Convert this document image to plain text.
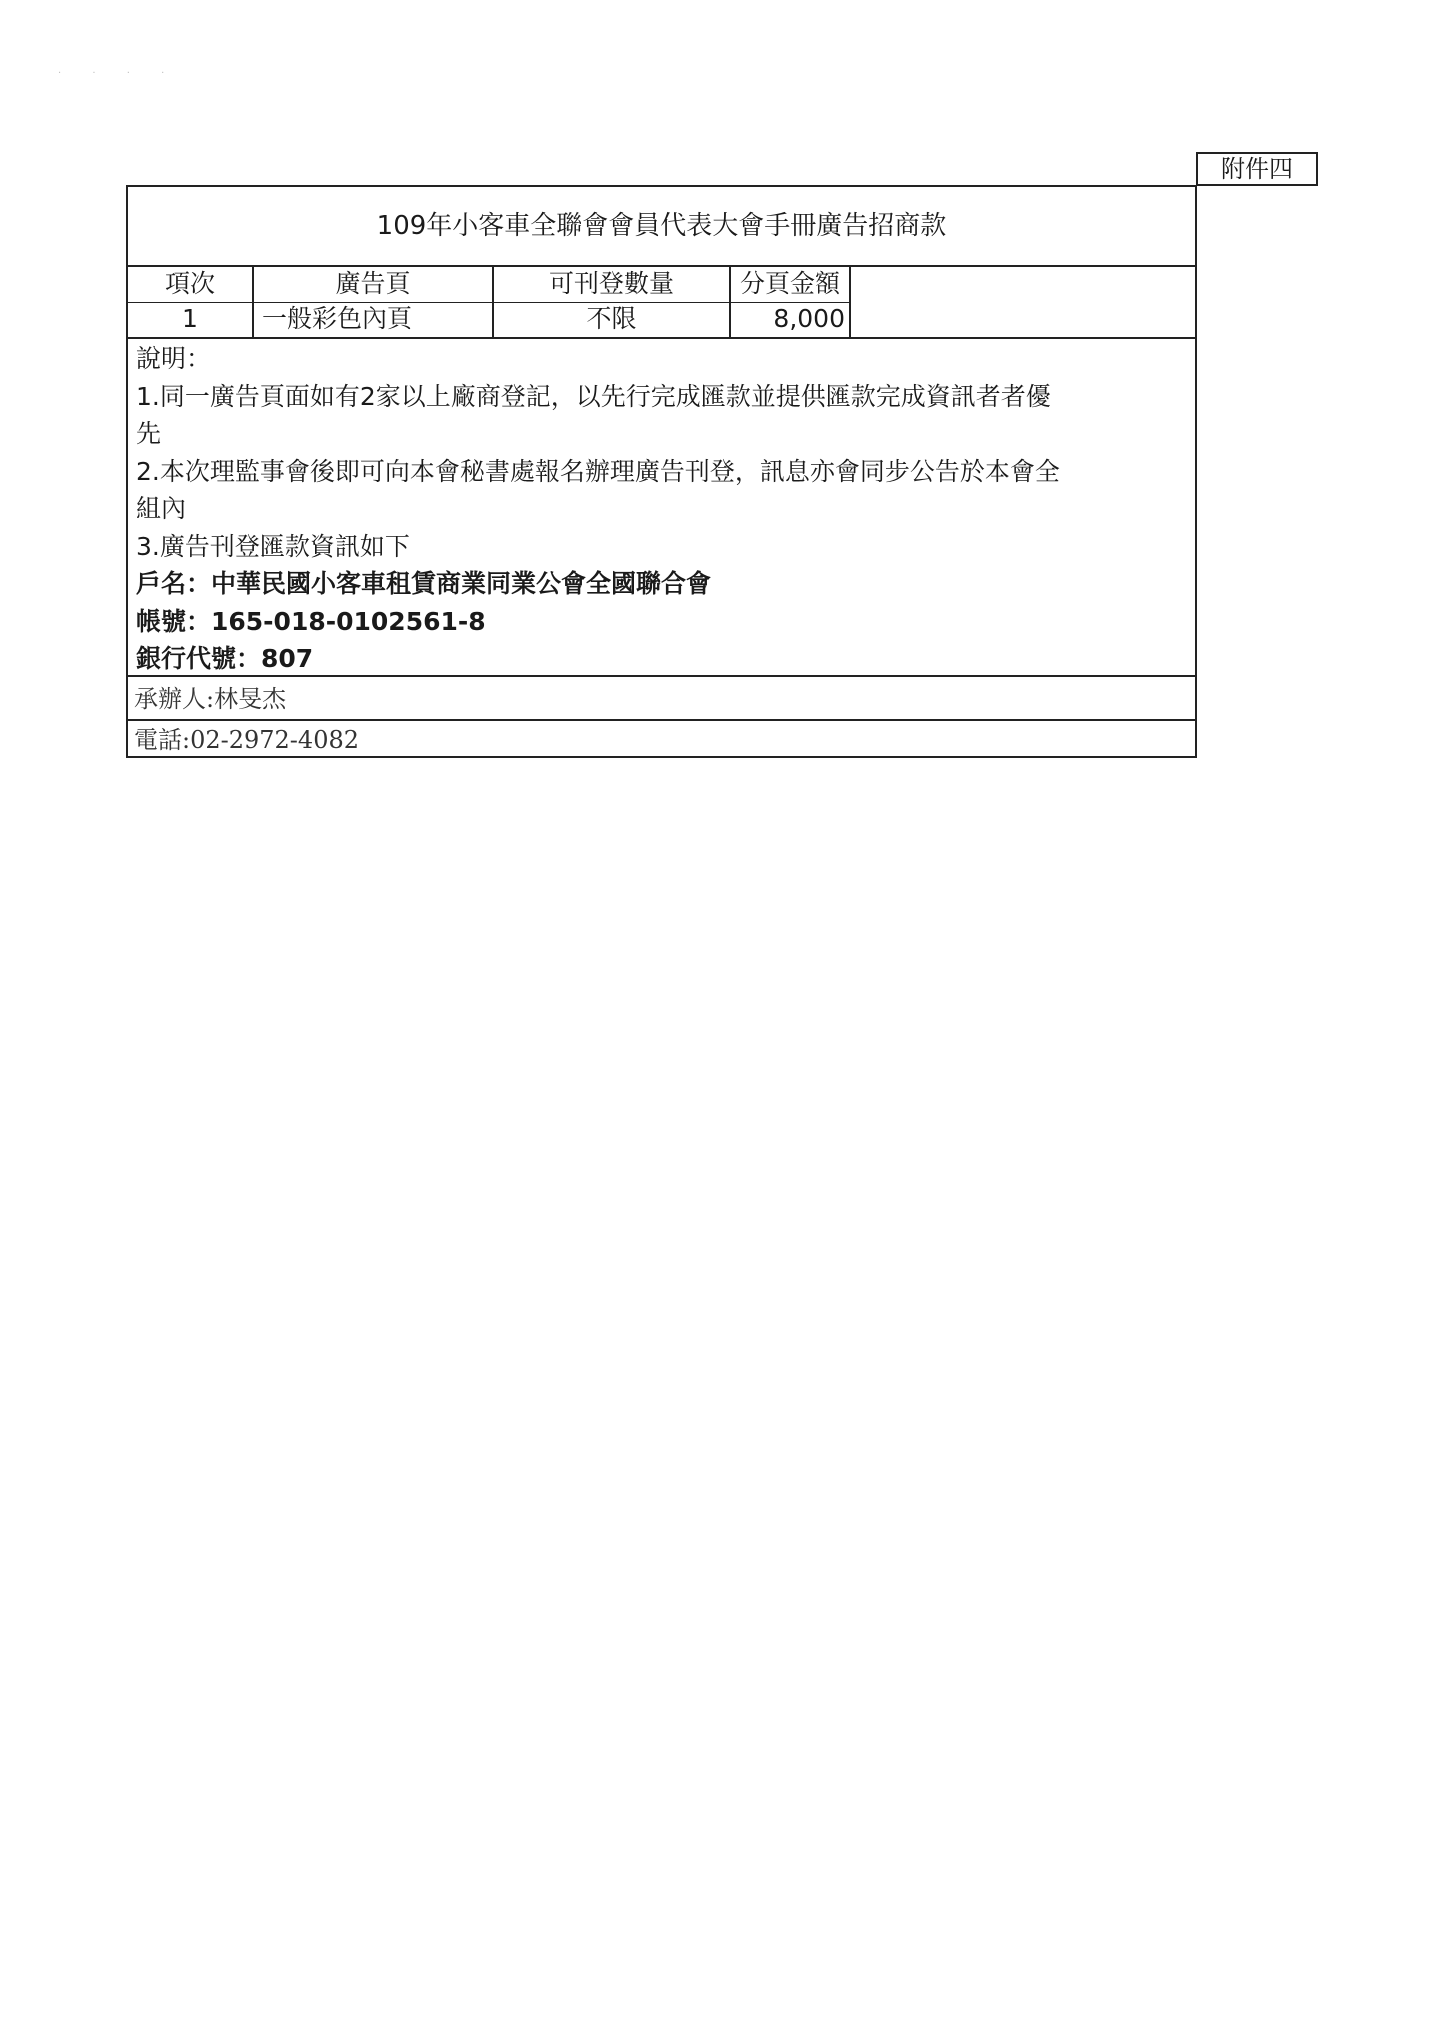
· · · ·
附件四
109年小客車全聯會會員代表大會手冊廣告招商款
項次	廣告頁	可刊登數量	分頁金額
1	一般彩色內頁	不限	8,000
說明：
1.同一廣告頁面如有2家以上廠商登記，以先行完成匯款並提供匯款完成資訊者者優
先
2.本次理監事會後即可向本會秘書處報名辦理廣告刊登，訊息亦會同步公告於本會全
組內
3.廣告刊登匯款資訊如下
戶名：中華民國小客車租賃商業同業公會全國聯合會
帳號：165-018-0102561-8
銀行代號：807
承辦人:林旻杰
電話:02-2972-4082
